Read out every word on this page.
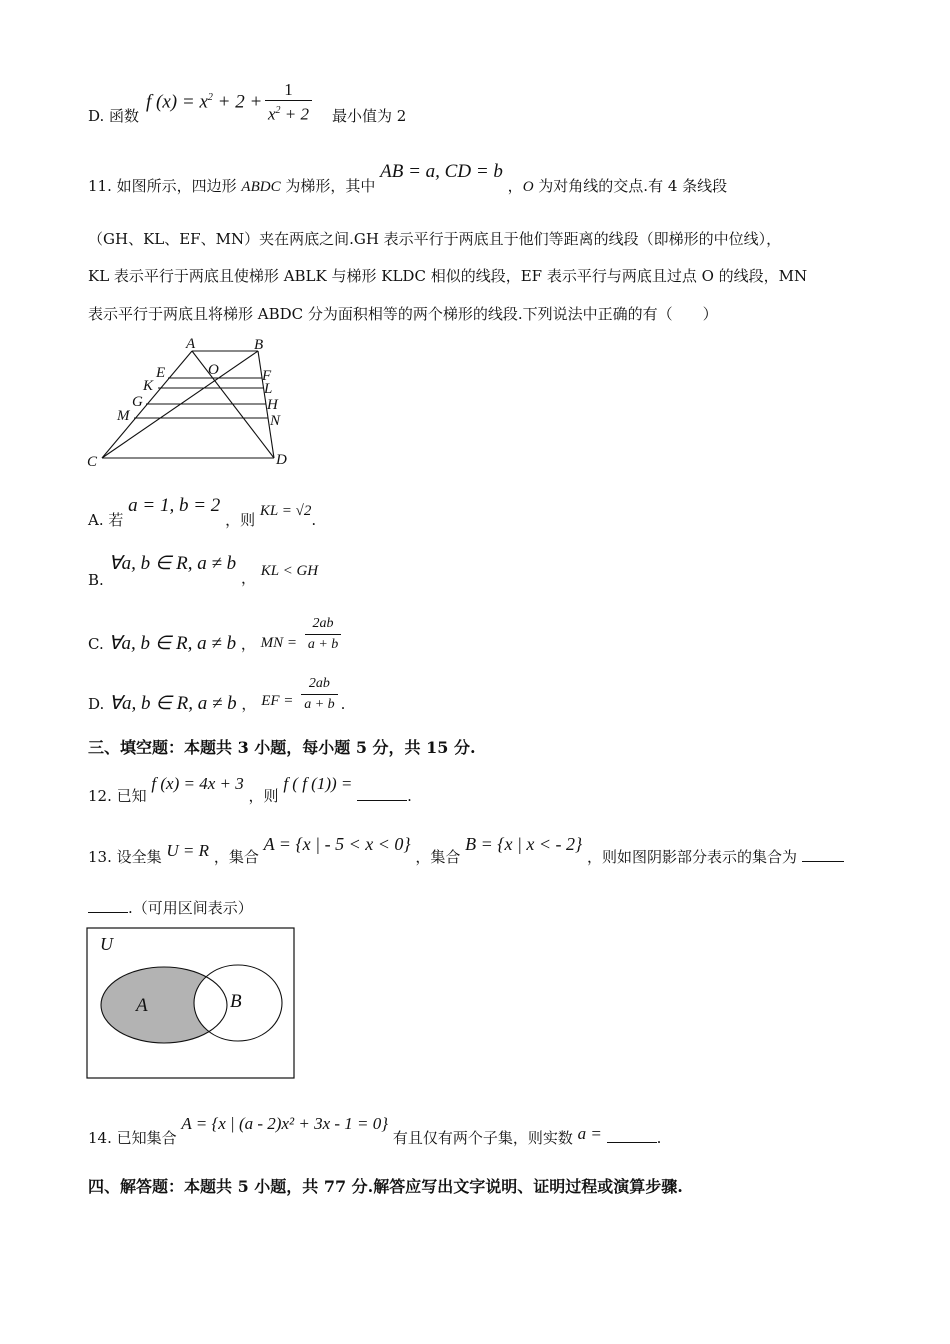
D. 函数
f $(x) = x^2 + 2 + \frac{1}{x^2 + 2}$ 最小值为 2
11. 如图所示，四边形 ABDC 为梯形，其中 AB = a, CD = b ，O 为对角线的交点.有 4 条线段
（GH、KL、EF、MN）夹在两底之间.GH 表示平行于两底且于他们等距离的线段（即梯形的中位线），
KL 表示平行于两底且使梯形 ABLK 与梯形 KLDC 相似的线段，EF 表示平行与两底且过点 O 的线段，MN
表示平行于两底且将梯形 ABDC 分为面积相等的两个梯形的线段.下列说法中正确的有（　　）
A	B
O
E	F
K	L
G	H
M	N
C	D
A. 若 a = 1, b = 2 ，则 KL = √2.
B. ∀a, b ∈ R, a ≠ b ， KL < GH
C. ∀a, b ∈ R, a ≠ b ， MN = $\frac{2ab}{a + b}$
D. ∀a, b ∈ R, a ≠ b ， EF = $\frac{2ab}{a + b}$ .
三、填空题：本题共 3 小题，每小题 5 分，共 15 分.
12. 已知 f (x) = 4x + 3 ，则 f ( f (1)) = .
13. 设全集 U = R ，集合 A = {x | - 5 < x < 0} ，集合 B = {x | x < - 2} ，则如图阴影部分表示的集合为
.（可用区间表示）
U
A	B
14. 已知集合 A = {x | (a - 2)x² + 3x - 1 = 0} 有且仅有两个子集，则实数 a =	.
四、解答题：本题共 5 小题，共 77 分.解答应写出文字说明、证明过程或演算步骤.
